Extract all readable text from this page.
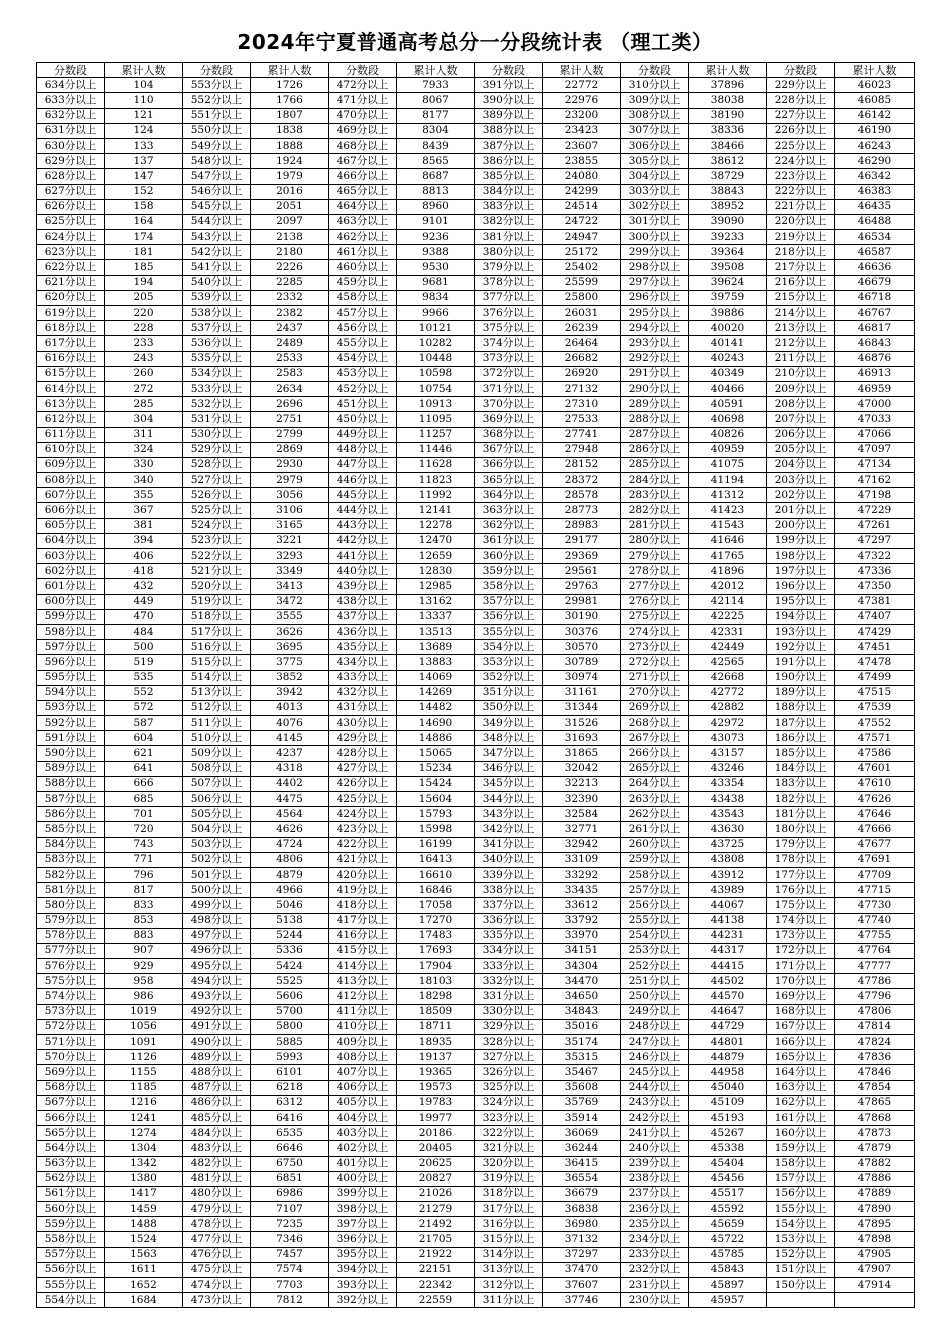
2024年宁夏普通高考总分一分段统计表 （理工类）
分数段	累计人数	分数段	累计人数	分数段	累计人数	分数段	累计人数	分数段	累计人数	分数段	累计人数
634分以上	104	553分以上	1726	472分以上	7933	391分以上	22772	310分以上	37896	229分以上	46023
633分以上	110	552分以上	1766	471分以上	8067	390分以上	22976	309分以上	38038	228分以上	46085
632分以上	121	551分以上	1807	470分以上	8177	389分以上	23200	308分以上	38190	227分以上	46142
631分以上	124	550分以上	1838	469分以上	8304	388分以上	23423	307分以上	38336	226分以上	46190
630分以上	133	549分以上	1888	468分以上	8439	387分以上	23607	306分以上	38466	225分以上	46243
629分以上	137	548分以上	1924	467分以上	8565	386分以上	23855	305分以上	38612	224分以上	46290
628分以上	147	547分以上	1979	466分以上	8687	385分以上	24080	304分以上	38729	223分以上	46342
627分以上	152	546分以上	2016	465分以上	8813	384分以上	24299	303分以上	38843	222分以上	46383
626分以上	158	545分以上	2051	464分以上	8960	383分以上	24514	302分以上	38952	221分以上	46435
625分以上	164	544分以上	2097	463分以上	9101	382分以上	24722	301分以上	39090	220分以上	46488
624分以上	174	543分以上	2138	462分以上	9236	381分以上	24947	300分以上	39233	219分以上	46534
623分以上	181	542分以上	2180	461分以上	9388	380分以上	25172	299分以上	39364	218分以上	46587
622分以上	185	541分以上	2226	460分以上	9530	379分以上	25402	298分以上	39508	217分以上	46636
621分以上	194	540分以上	2285	459分以上	9681	378分以上	25599	297分以上	39624	216分以上	46679
620分以上	205	539分以上	2332	458分以上	9834	377分以上	25800	296分以上	39759	215分以上	46718
619分以上	220	538分以上	2382	457分以上	9966	376分以上	26031	295分以上	39886	214分以上	46767
618分以上	228	537分以上	2437	456分以上	10121	375分以上	26239	294分以上	40020	213分以上	46817
617分以上	233	536分以上	2489	455分以上	10282	374分以上	26464	293分以上	40141	212分以上	46843
616分以上	243	535分以上	2533	454分以上	10448	373分以上	26682	292分以上	40243	211分以上	46876
615分以上	260	534分以上	2583	453分以上	10598	372分以上	26920	291分以上	40349	210分以上	46913
614分以上	272	533分以上	2634	452分以上	10754	371分以上	27132	290分以上	40466	209分以上	46959
613分以上	285	532分以上	2696	451分以上	10913	370分以上	27310	289分以上	40591	208分以上	47000
612分以上	304	531分以上	2751	450分以上	11095	369分以上	27533	288分以上	40698	207分以上	47033
611分以上	311	530分以上	2799	449分以上	11257	368分以上	27741	287分以上	40826	206分以上	47066
610分以上	324	529分以上	2869	448分以上	11446	367分以上	27948	286分以上	40959	205分以上	47097
609分以上	330	528分以上	2930	447分以上	11628	366分以上	28152	285分以上	41075	204分以上	47134
608分以上	340	527分以上	2979	446分以上	11823	365分以上	28372	284分以上	41194	203分以上	47162
607分以上	355	526分以上	3056	445分以上	11992	364分以上	28578	283分以上	41312	202分以上	47198
606分以上	367	525分以上	3106	444分以上	12141	363分以上	28773	282分以上	41423	201分以上	47229
605分以上	381	524分以上	3165	443分以上	12278	362分以上	28983	281分以上	41543	200分以上	47261
604分以上	394	523分以上	3221	442分以上	12470	361分以上	29177	280分以上	41646	199分以上	47297
603分以上	406	522分以上	3293	441分以上	12659	360分以上	29369	279分以上	41765	198分以上	47322
602分以上	418	521分以上	3349	440分以上	12830	359分以上	29561	278分以上	41896	197分以上	47336
601分以上	432	520分以上	3413	439分以上	12985	358分以上	29763	277分以上	42012	196分以上	47350
600分以上	449	519分以上	3472	438分以上	13162	357分以上	29981	276分以上	42114	195分以上	47381
599分以上	470	518分以上	3555	437分以上	13337	356分以上	30190	275分以上	42225	194分以上	47407
598分以上	484	517分以上	3626	436分以上	13513	355分以上	30376	274分以上	42331	193分以上	47429
597分以上	500	516分以上	3695	435分以上	13689	354分以上	30570	273分以上	42449	192分以上	47451
596分以上	519	515分以上	3775	434分以上	13883	353分以上	30789	272分以上	42565	191分以上	47478
595分以上	535	514分以上	3852	433分以上	14069	352分以上	30974	271分以上	42668	190分以上	47499
594分以上	552	513分以上	3942	432分以上	14269	351分以上	31161	270分以上	42772	189分以上	47515
593分以上	572	512分以上	4013	431分以上	14482	350分以上	31344	269分以上	42882	188分以上	47539
592分以上	587	511分以上	4076	430分以上	14690	349分以上	31526	268分以上	42972	187分以上	47552
591分以上	604	510分以上	4145	429分以上	14886	348分以上	31693	267分以上	43073	186分以上	47571
590分以上	621	509分以上	4237	428分以上	15065	347分以上	31865	266分以上	43157	185分以上	47586
589分以上	641	508分以上	4318	427分以上	15234	346分以上	32042	265分以上	43246	184分以上	47601
588分以上	666	507分以上	4402	426分以上	15424	345分以上	32213	264分以上	43354	183分以上	47610
587分以上	685	506分以上	4475	425分以上	15604	344分以上	32390	263分以上	43438	182分以上	47626
586分以上	701	505分以上	4564	424分以上	15793	343分以上	32584	262分以上	43543	181分以上	47646
585分以上	720	504分以上	4626	423分以上	15998	342分以上	32771	261分以上	43630	180分以上	47666
584分以上	743	503分以上	4724	422分以上	16199	341分以上	32942	260分以上	43725	179分以上	47677
583分以上	771	502分以上	4806	421分以上	16413	340分以上	33109	259分以上	43808	178分以上	47691
582分以上	796	501分以上	4879	420分以上	16610	339分以上	33292	258分以上	43912	177分以上	47709
581分以上	817	500分以上	4966	419分以上	16846	338分以上	33435	257分以上	43989	176分以上	47715
580分以上	833	499分以上	5046	418分以上	17058	337分以上	33612	256分以上	44067	175分以上	47730
579分以上	853	498分以上	5138	417分以上	17270	336分以上	33792	255分以上	44138	174分以上	47740
578分以上	883	497分以上	5244	416分以上	17483	335分以上	33970	254分以上	44231	173分以上	47755
577分以上	907	496分以上	5336	415分以上	17693	334分以上	34151	253分以上	44317	172分以上	47764
576分以上	929	495分以上	5424	414分以上	17904	333分以上	34304	252分以上	44415	171分以上	47777
575分以上	958	494分以上	5525	413分以上	18103	332分以上	34470	251分以上	44502	170分以上	47786
574分以上	986	493分以上	5606	412分以上	18298	331分以上	34650	250分以上	44570	169分以上	47796
573分以上	1019	492分以上	5700	411分以上	18509	330分以上	34843	249分以上	44647	168分以上	47806
572分以上	1056	491分以上	5800	410分以上	18711	329分以上	35016	248分以上	44729	167分以上	47814
571分以上	1091	490分以上	5885	409分以上	18935	328分以上	35174	247分以上	44801	166分以上	47824
570分以上	1126	489分以上	5993	408分以上	19137	327分以上	35315	246分以上	44879	165分以上	47836
569分以上	1155	488分以上	6101	407分以上	19365	326分以上	35467	245分以上	44958	164分以上	47846
568分以上	1185	487分以上	6218	406分以上	19573	325分以上	35608	244分以上	45040	163分以上	47854
567分以上	1216	486分以上	6312	405分以上	19783	324分以上	35769	243分以上	45109	162分以上	47865
566分以上	1241	485分以上	6416	404分以上	19977	323分以上	35914	242分以上	45193	161分以上	47868
565分以上	1274	484分以上	6535	403分以上	20186	322分以上	36069	241分以上	45267	160分以上	47873
564分以上	1304	483分以上	6646	402分以上	20405	321分以上	36244	240分以上	45338	159分以上	47879
563分以上	1342	482分以上	6750	401分以上	20625	320分以上	36415	239分以上	45404	158分以上	47882
562分以上	1380	481分以上	6851	400分以上	20827	319分以上	36554	238分以上	45456	157分以上	47886
561分以上	1417	480分以上	6986	399分以上	21026	318分以上	36679	237分以上	45517	156分以上	47889
560分以上	1459	479分以上	7107	398分以上	21279	317分以上	36838	236分以上	45592	155分以上	47890
559分以上	1488	478分以上	7235	397分以上	21492	316分以上	36980	235分以上	45659	154分以上	47895
558分以上	1524	477分以上	7346	396分以上	21705	315分以上	37132	234分以上	45722	153分以上	47898
557分以上	1563	476分以上	7457	395分以上	21922	314分以上	37297	233分以上	45785	152分以上	47905
556分以上	1611	475分以上	7574	394分以上	22151	313分以上	37470	232分以上	45843	151分以上	47907
555分以上	1652	474分以上	7703	393分以上	22342	312分以上	37607	231分以上	45897	150分以上	47914
554分以上	1684	473分以上	7812	392分以上	22559	311分以上	37746	230分以上	45957		
